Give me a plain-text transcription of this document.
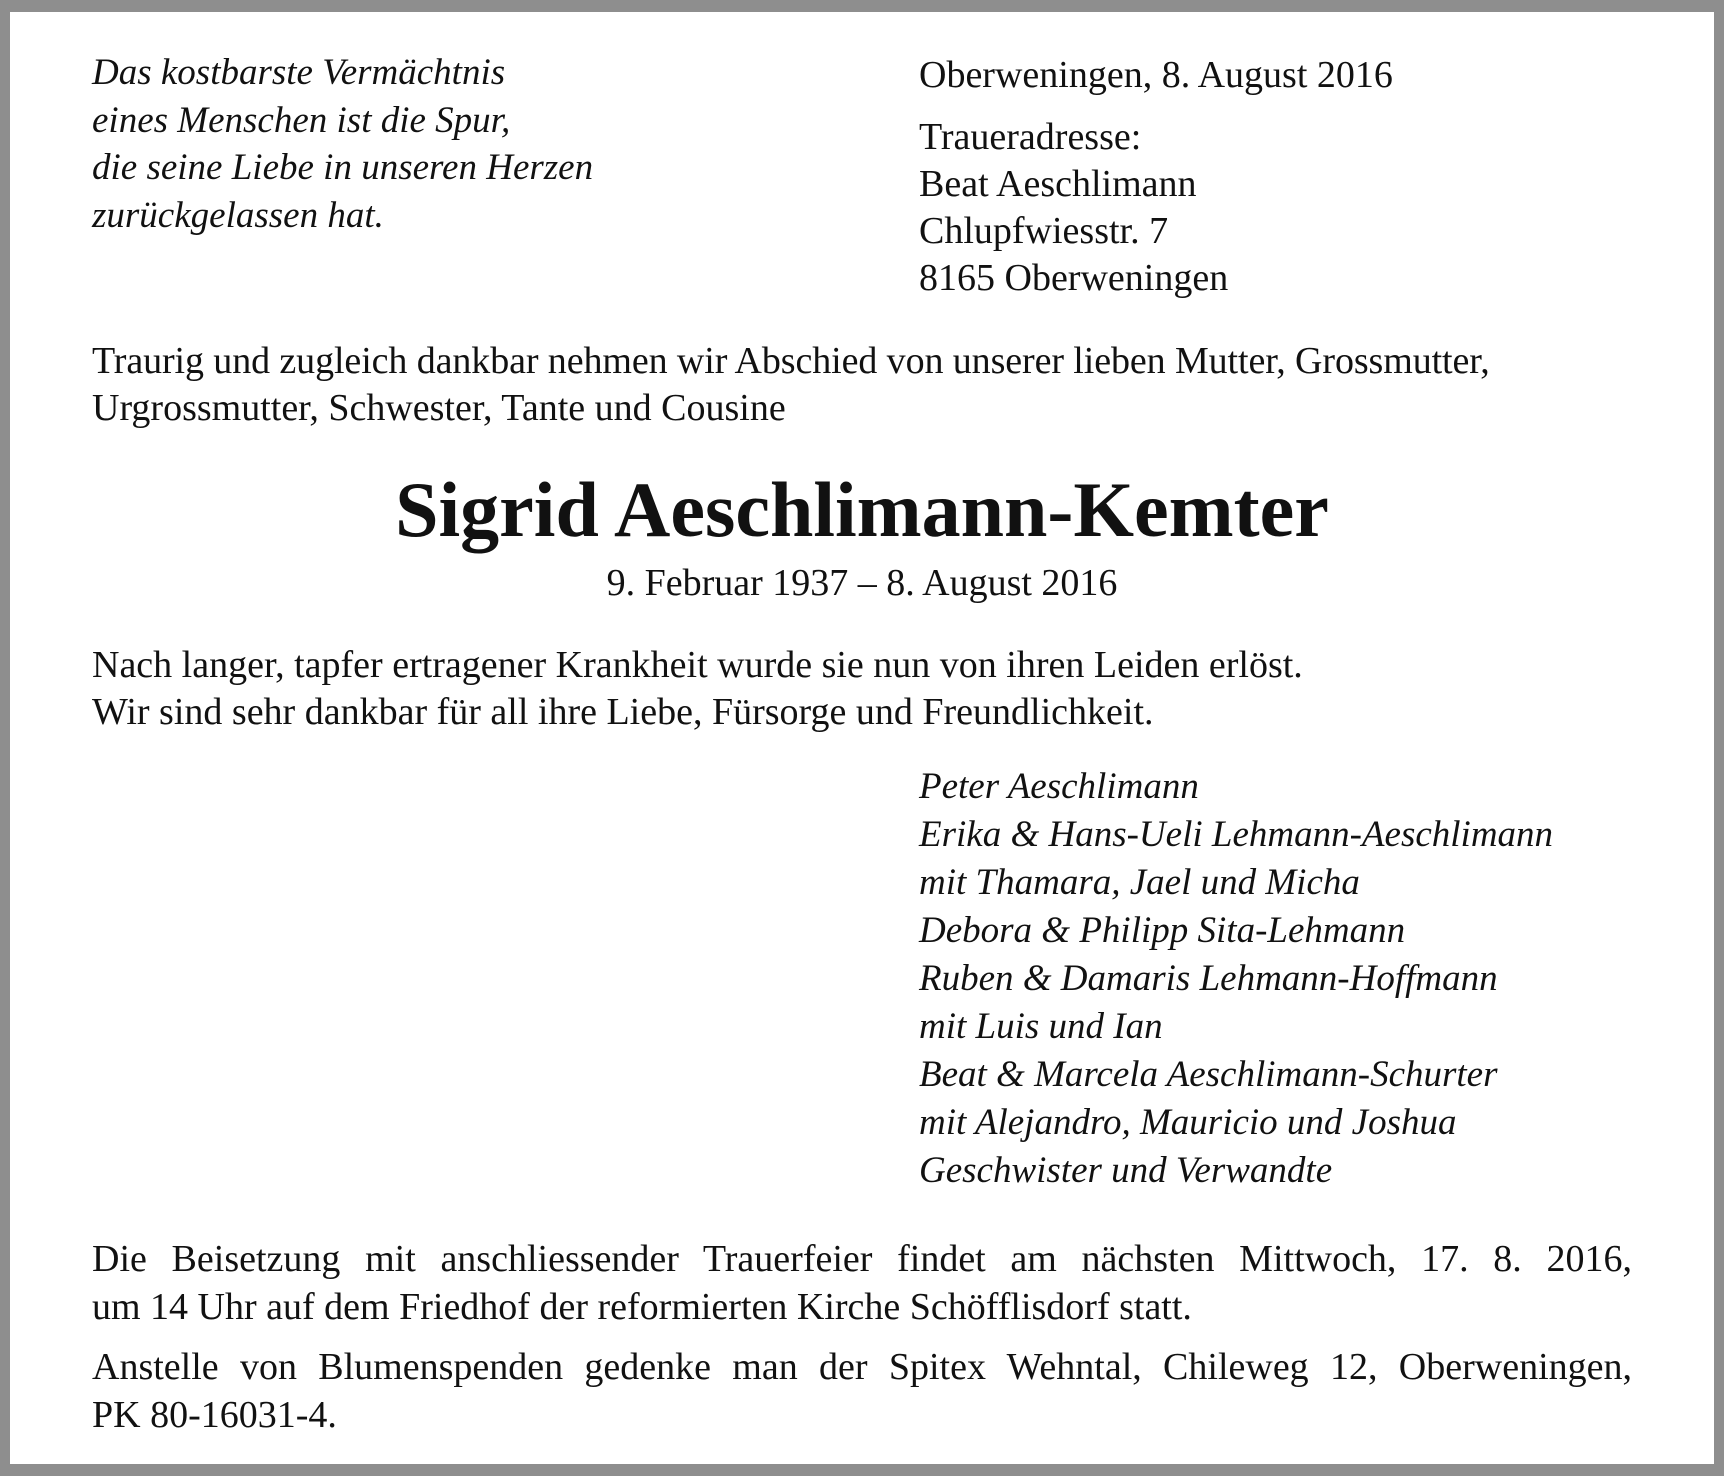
Das kostbarste Vermächtnis
eines Menschen ist die Spur,
die seine Liebe in unseren Herzen
zurückgelassen hat.
Oberweningen, 8. August 2016
Traueradresse:
Beat Aeschlimann
Chlupfwiesstr. 7
8165 Oberweningen
Traurig und zugleich dankbar nehmen wir Abschied von unserer lieben Mutter, Grossmutter,
Urgrossmutter, Schwester, Tante und Cousine
Sigrid Aeschlimann-Kemter
9. Februar 1937 – 8. August 2016
Nach langer, tapfer ertragener Krankheit wurde sie nun von ihren Leiden erlöst.
Wir sind sehr dankbar für all ihre Liebe, Fürsorge und Freundlichkeit.
Peter Aeschlimann
Erika & Hans-Ueli Lehmann-Aeschlimann
mit Thamara, Jael und Micha
Debora & Philipp Sita-Lehmann
Ruben & Damaris Lehmann-Hoffmann
mit Luis und Ian
Beat & Marcela Aeschlimann-Schurter
mit Alejandro, Mauricio und Joshua
Geschwister und Verwandte
Die Beisetzung mit anschliessender Trauerfeier findet am nächsten Mittwoch, 17. 8. 2016,
um 14 Uhr auf dem Friedhof der reformierten Kirche Schöfflisdorf statt.
Anstelle von Blumenspenden gedenke man der Spitex Wehntal, Chileweg 12, Oberweningen,
PK 80-16031-4.
